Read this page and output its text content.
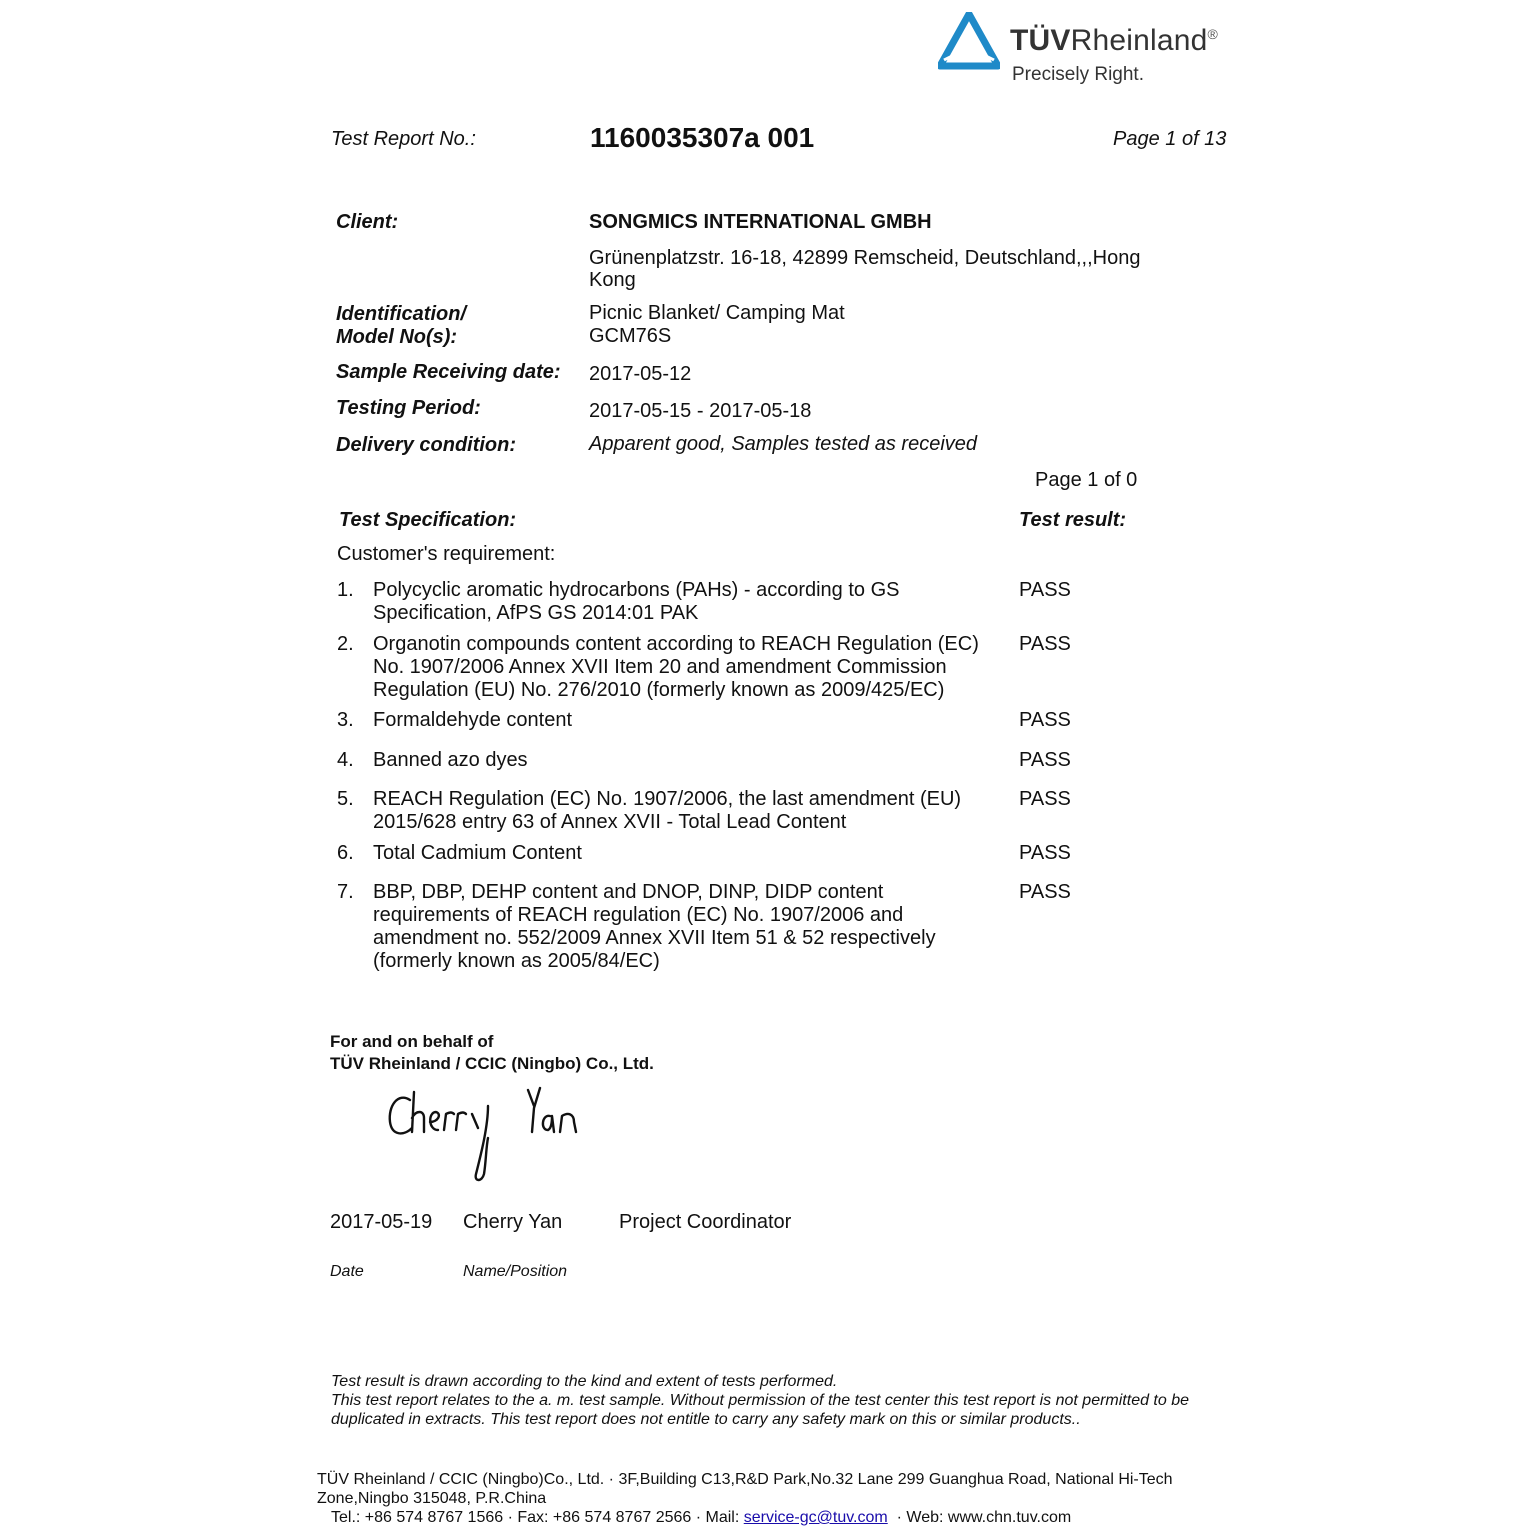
TÜVRheinland®
Precisely Right.
Test Report No.:	1160035307a 001	Page 1 of 13
Client:	SONGMICS INTERNATIONAL GMBH
Grünenplatzstr. 16-18, 42899 Remscheid, Deutschland,,,Hong
Kong
Identification/
Model No(s):
Picnic Blanket/ Camping Mat
GCM76S
Sample Receiving date: 2017-05-12
Testing Period:	2017-05-15 - 2017-05-18
Delivery condition:	Apparent good, Samples tested as received
Page 1 of 0
Test Specification:	Test result:
Customer's requirement:
1. Polycyclic aromatic hydrocarbons (PAHs) - according to GS
Specification, AfPS GS 2014:01 PAK
PASS
2. Organotin compounds content according to REACH Regulation (EC)
No. 1907/2006 Annex XVII Item 20 and amendment Commission
Regulation (EU) No. 276/2010 (formerly known as 2009/425/EC)
PASS
3. Formaldehyde content	PASS
4. Banned azo dyes	PASS
5. REACH Regulation (EC) No. 1907/2006, the last amendment (EU)
2015/628 entry 63 of Annex XVII - Total Lead Content
PASS
6. Total Cadmium Content	PASS
7. BBP, DBP, DEHP content and DNOP, DINP, DIDP content
requirements of REACH regulation (EC) No. 1907/2006 and
amendment no. 552/2009 Annex XVII Item 51 & 52 respectively
(formerly known as 2005/84/EC)
PASS
For and on behalf of
TÜV Rheinland / CCIC (Ningbo) Co., Ltd.
2017-05-19 Cherry Yan	Project Coordinator
Date	Name/Position
Test result is drawn according to the kind and extent of tests performed.
This test report relates to the a. m. test sample. Without permission of the test center this test report is not permitted to be
duplicated in extracts. This test report does not entitle to carry any safety mark on this or similar products..
TÜV Rheinland / CCIC (Ningbo)Co., Ltd. · 3F,Building C13,R&D Park,No.32 Lane 299 Guanghua Road, National Hi-Tech
Zone,Ningbo 315048, P.R.China
Tel.: +86 574 8767 1566 · Fax: +86 574 8767 2566 · Mail: service-gc@tuv.com  · Web: www.chn.tuv.com
